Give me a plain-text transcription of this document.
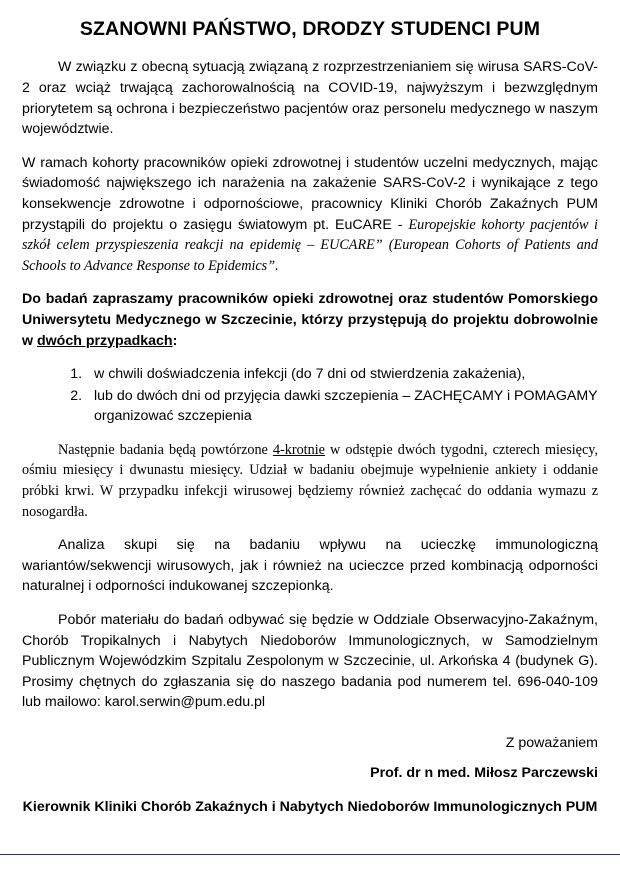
SZANOWNI PAŃSTWO, DRODZY STUDENCI PUM

W związku z obecną sytuacją związaną z rozprzestrzenianiem się wirusa SARS-CoV-2 oraz wciąż trwającą zachorowalnością na COVID-19, najwyższym i bezwzględnym priorytetem są ochrona i bezpieczeństwo pacjentów oraz personelu medycznego w naszym województwie.

W ramach kohorty pracowników opieki zdrowotnej i studentów uczelni medycznych, mając świadomość największego ich narażenia na zakażenie SARS-CoV-2 i wynikające z tego konsekwencje zdrowotne i odpornościowe, pracownicy Kliniki Chorób Zakaźnych PUM przystąpili do projektu o zasięgu światowym pt. EuCARE - Europejskie kohorty pacjentów i szkół celem przyspieszenia reakcji na epidemię – EUCARE” (European Cohorts of Patients and Schools to Advance Response to Epidemics”.

Do badań zapraszamy pracowników opieki zdrowotnej oraz studentów Pomorskiego Uniwersytetu Medycznego w Szczecinie, którzy przystępują do projektu dobrowolnie w dwóch przypadkach:

1. w chwili doświadczenia infekcji (do 7 dni od stwierdzenia zakażenia),
2. lub do dwóch dni od przyjęcia dawki szczepienia – ZACHĘCAMY i POMAGAMY organizować szczepienia

Następnie badania będą powtórzone 4-krotnie w odstępie dwóch tygodni, czterech miesięcy, ośmiu miesięcy i dwunastu miesięcy. Udział w badaniu obejmuje wypełnienie ankiety i oddanie próbki krwi. W przypadku infekcji wirusowej będziemy również zachęcać do oddania wymazu z nosogardła.

Analiza skupi się na badaniu wpływu na ucieczkę immunologiczną wariantów/sekwencji wirusowych, jak i również na ucieczce przed kombinacją odporności naturalnej i odporności indukowanej szczepionką.

Pobór materiału do badań odbywać się będzie w Oddziale Obserwacyjno-Zakaźnym, Chorób Tropikalnych i Nabytych Niedoborów Immunologicznych, w Samodzielnym Publicznym Wojewódzkim Szpitalu Zespolonym w Szczecinie, ul. Arkońska 4 (budynek G). Prosimy chętnych do zgłaszania się do naszego badania pod numerem tel. 696-040-109 lub mailowo: karol.serwin@pum.edu.pl

Z poważaniem

Prof. dr n med. Miłosz Parczewski

Kierownik Kliniki Chorób Zakaźnych i Nabytych Niedoborów Immunologicznych PUM
